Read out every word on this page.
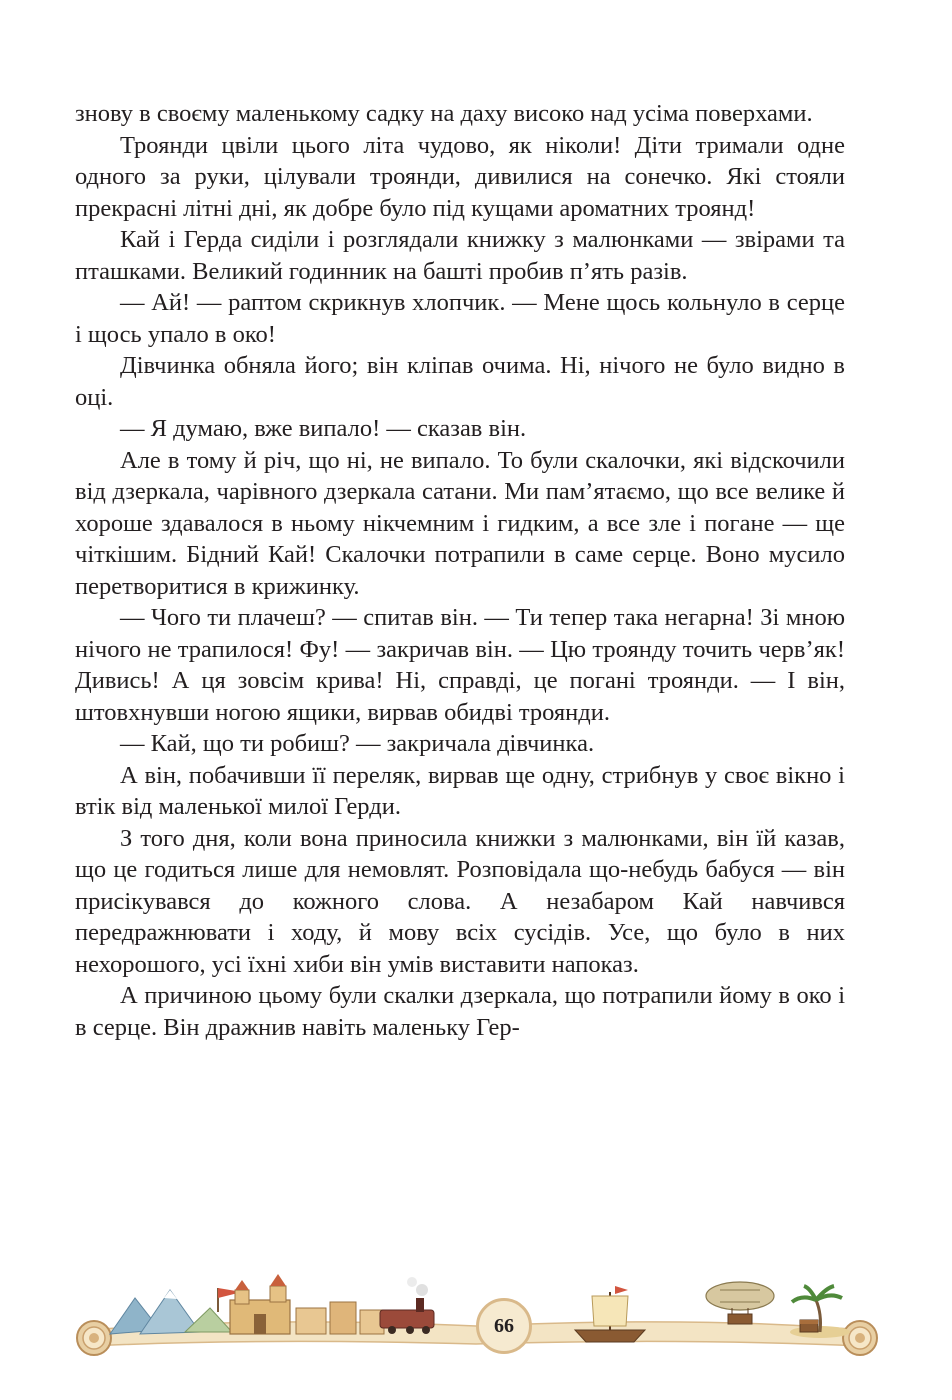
знову в своєму маленькому садку на даху високо над усіма поверхами.

Троянди цвіли цього літа чудово, як ніколи! Діти тримали одне одного за руки, цілували троянди, дивилися на сонечко. Які стояли прекрасні літні дні, як добре було під кущами ароматних троянд!

Кай і Герда сиділи і розглядали книжку з малюнками — звірами та пташками. Великий годинник на башті пробив п’ять разів.

— Ай! — раптом скрикнув хлопчик. — Мене щось кольнуло в серце і щось упало в око!

Дівчинка обняла його; він кліпав очима. Ні, нічого не було видно в оці.

— Я думаю, вже випало! — сказав він.

Але в тому й річ, що ні, не випало. То були скалочки, які відскочили від дзеркала, чарівного дзеркала сатани. Ми пам’ятаємо, що все велике й хороше здавалося в ньому нікчемним і гидким, а все зле і погане — ще чіткішим. Бідний Кай! Скалочки потрапили в саме серце. Воно мусило перетворитися в крижинку.

— Чого ти плачеш? — спитав він. — Ти тепер така негарна! Зі мною нічого не трапилося! Фу! — закричав він. — Цю троянду точить черв’як! Дивись! А ця зовсім крива! Ні, справді, це погані троянди. — І він, штовхнувши ногою ящики, вирвав обидві троянди.

— Кай, що ти робиш? — закричала дівчинка.

А він, побачивши її переляк, вирвав ще одну, стрибнув у своє вікно і втік від маленької милої Герди.

З того дня, коли вона приносила книжки з малюнками, він їй казав, що це годиться лише для немовлят. Розповідала що-небудь бабуся — він присікувався до кожного слова. А незабаром Кай навчився передражнювати і ходу, й мову всіх сусідів. Усе, що було в них нехорошого, усі їхні хиби він умів виставити напоказ.

А причиною цьому були скалки дзеркала, що потрапили йому в око і в серце. Він дражнив навіть маленьку Гер-

66
